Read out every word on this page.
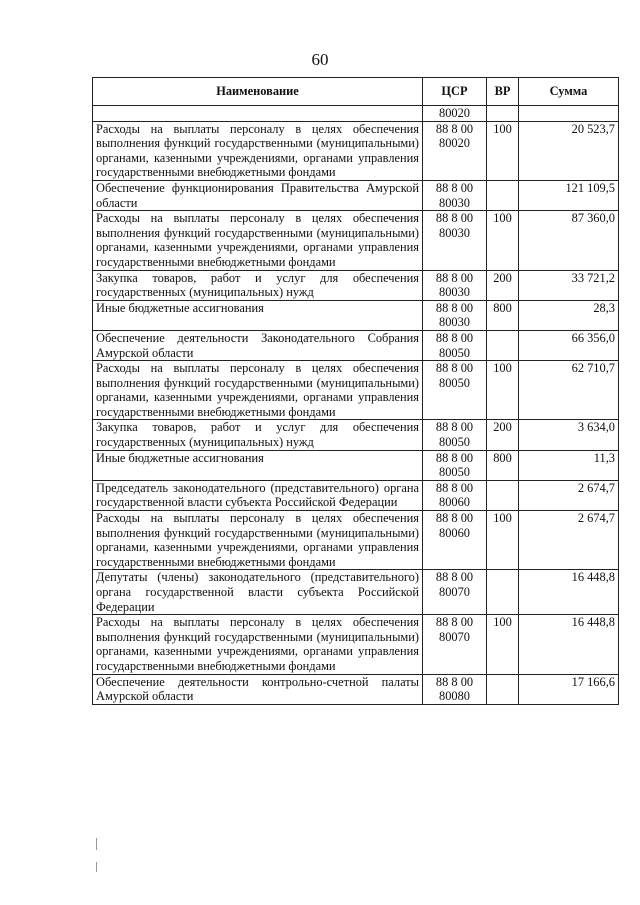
60
Наименование	ЦСР	ВР	Сумма
	80020		
Расходы на выплаты персоналу в целях обеспечения выполнения функций государственными (муниципальными) органами, казенными учреждениями, органами управления государственными внебюджетными фондами	88 8 00 80020	100	20 523,7
Обеспечение функционирования Правительства Амурской области	88 8 00 80030		121 109,5
Расходы на выплаты персоналу в целях обеспечения выполнения функций государственными (муниципальными) органами, казенными учреждениями, органами управления государственными внебюджетными фондами	88 8 00 80030	100	87 360,0
Закупка товаров, работ и услуг для обеспечения государственных (муниципальных) нужд	88 8 00 80030	200	33 721,2
Иные бюджетные ассигнования	88 8 00 80030	800	28,3
Обеспечение деятельности Законодательного Собрания Амурской области	88 8 00 80050		66 356,0
Расходы на выплаты персоналу в целях обеспечения выполнения функций государственными (муниципальными) органами, казенными учреждениями, органами управления государственными внебюджетными фондами	88 8 00 80050	100	62 710,7
Закупка товаров, работ и услуг для обеспечения государственных (муниципальных) нужд	88 8 00 80050	200	3 634,0
Иные бюджетные ассигнования	88 8 00 80050	800	11,3
Председатель законодательного (представительного) органа государственной власти субъекта Российской Федерации	88 8 00 80060		2 674,7
Расходы на выплаты персоналу в целях обеспечения выполнения функций государственными (муниципальными) органами, казенными учреждениями, органами управления государственными внебюджетными фондами	88 8 00 80060	100	2 674,7
Депутаты (члены) законодательного (представительного) органа государственной власти субъекта Российской Федерации	88 8 00 80070		16 448,8
Расходы на выплаты персоналу в целях обеспечения выполнения функций государственными (муниципальными) органами, казенными учреждениями, органами управления государственными внебюджетными фондами	88 8 00 80070	100	16 448,8
Обеспечение деятельности контрольно-счетной палаты Амурской области	88 8 00 80080		17 166,6
